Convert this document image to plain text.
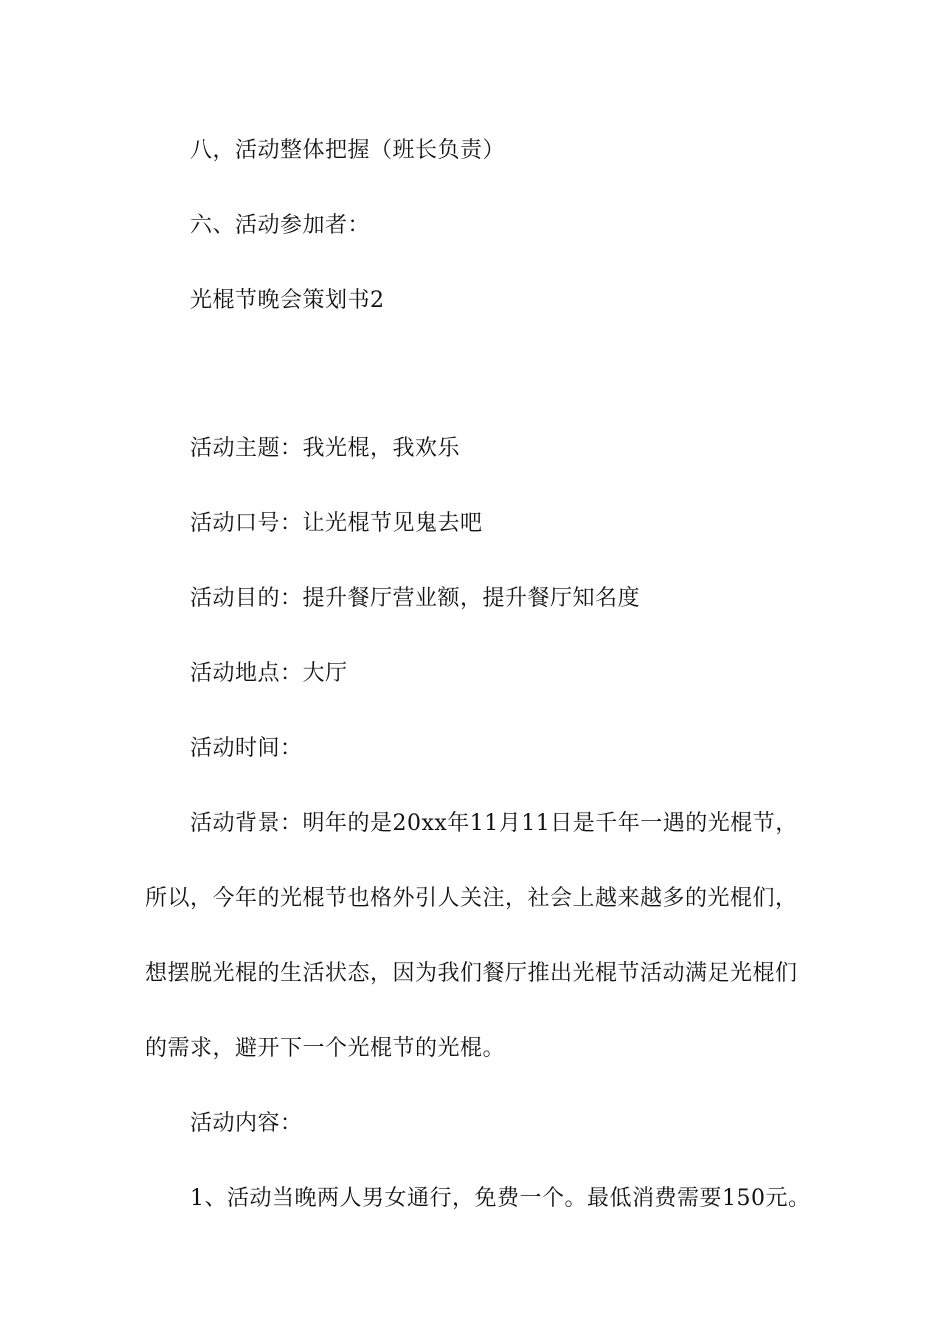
八，活动整体把握（班长负责）
六、活动参加者：
光棍节晚会策划书2
活动主题：我光棍，我欢乐
活动口号：让光棍节见鬼去吧
活动目的：提升餐厅营业额，提升餐厅知名度
活动地点：大厅
活动时间：
活动背景：明年的是20xx年11月11日是千年一遇的光棍节，
所以，今年的光棍节也格外引人关注，社会上越来越多的光棍们，
想摆脱光棍的生活状态，因为我们餐厅推出光棍节活动满足光棍们
的需求，避开下一个光棍节的光棍。
活动内容：
1、活动当晚两人男女通行，免费一个。最低消费需要150元。
